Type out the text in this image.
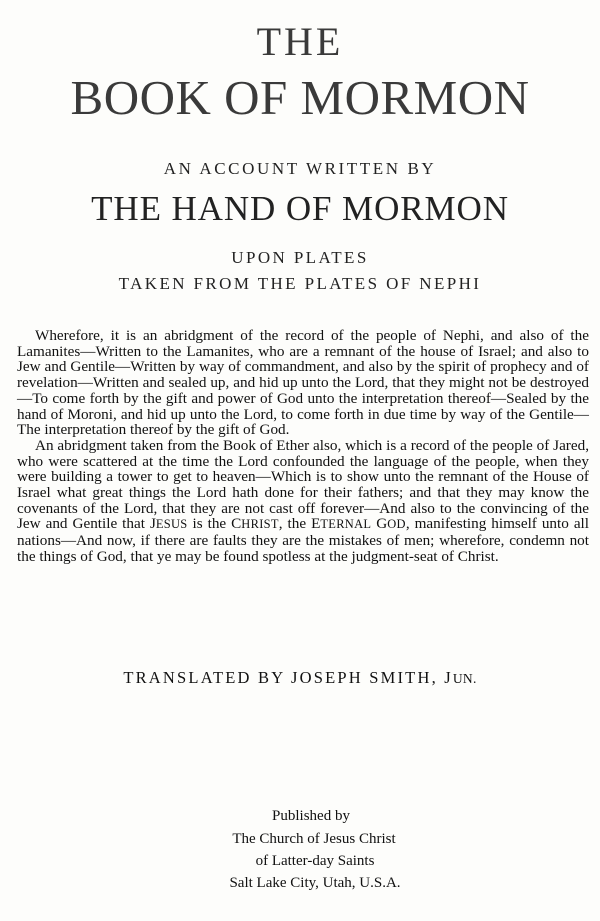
THE
BOOK OF MORMON
AN ACCOUNT WRITTEN BY
THE HAND OF MORMON
UPON PLATES
TAKEN FROM THE PLATES OF NEPHI

Wherefore, it is an abridgment of the record of the people of Nephi, and also of the Lamanites—Written to the Lamanites, who are a remnant of the house of Israel; and also to Jew and Gentile—Written by way of commandment, and also by the spirit of prophecy and of revelation—Written and sealed up, and hid up unto the Lord, that they might not be destroyed—To come forth by the gift and power of God unto the interpretation thereof—Sealed by the hand of Moroni, and hid up unto the Lord, to come forth in due time by way of the Gentile—The interpretation thereof by the gift of God.

An abridgment taken from the Book of Ether also, which is a record of the people of Jared, who were scattered at the time the Lord confounded the language of the people, when they were building a tower to get to heaven—Which is to show unto the remnant of the House of Israel what great things the Lord hath done for their fathers; and that they may know the covenants of the Lord, that they are not cast off forever—And also to the convincing of the Jew and Gentile that JESUS is the CHRIST, the ETERNAL GOD, manifesting himself unto all nations—And now, if there are faults they are the mistakes of men; wherefore, condemn not the things of God, that ye may be found spotless at the judgment-seat of Christ.

TRANSLATED BY JOSEPH SMITH, JUN.
Published by
The Church of Jesus Christ
of Latter-day Saints
Salt Lake City, Utah, U.S.A.
